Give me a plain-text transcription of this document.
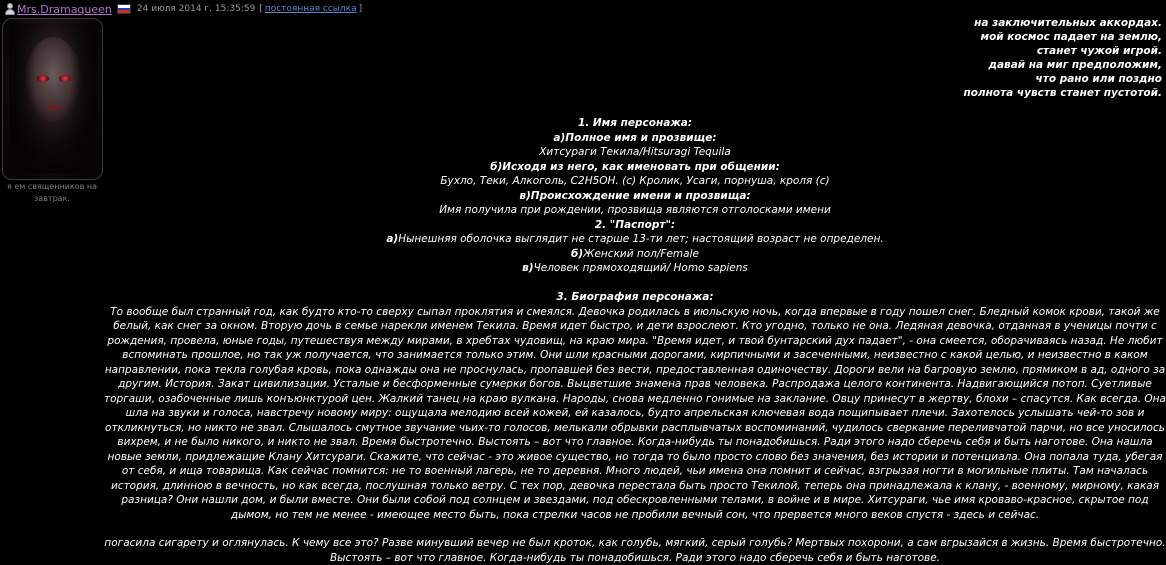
Mrs.Dramaqueen	24 июля 2014 г. 15:35:59 [ постоянная ссылка ]
я ем священников на завтрак.
на заключительных аккордах.
мой космос падает на землю,
станет чужой игрой.
давай на миг предположим,
что рано или поздно
полнота чувств станет пустотой.

1. Имя персонажа:

а)Полное имя и прозвище:

Хитсураги Текила/Hitsuragi Tequila

б)Исходя из него, как именовать при общении:

Бухло, Теки, Алкоголь, C2H5OH. (с) Кролик, Усаги, порнуша, кроля (с)

в)Происхождение имени и прозвища:

Имя получила при рождении, прозвища являются отголосками имени

2. "Паспорт":

а)Нынешняя оболочка выглядит не старше 13-ти лет; настоящий возраст не определен.

б)Женский пол/Female

в)Человек прямоходящий/ Homo sapiens

3. Биография персонажа:

То вообще был странный год, как будто кто-то сверху сыпал проклятия и смеялся. Девочка родилась в июльскую ночь, когда впервые в году пошел снег. Бледный комок крови, такой же белый, как снег за окном. Вторую дочь в семье нарекли именем Текила. Время идет быстро, и дети взрослеют. Кто угодно, только не она. Ледяная девочка, отданная в ученицы почти с рождения, провела, юные годы, путешествуя между мирами, в хребтах чудовищ, на краю мира. "Время идет, и твой бунтарский дух падает", - она смеется, оборачиваясь назад. Не любит вспоминать прошлое, но так уж получается, что занимается только этим. Они шли красными дорогами, кирпичными и засеченными, неизвестно с какой целью, и неизвестно в каком направлении, пока текла голубая кровь, пока однажды она не проснулась, пропавшей без вести, предоставленная одиночеству. Дороги вели на багровую землю, прямиком в ад, одного за другим. История. Закат цивилизации. Усталые и бесформенные сумерки богов. Выцветшие знамена прав человека. Распродажа целого континента. Надвигающийся потоп. Суетливые торгаши, озабоченные лишь конъюнктурой цен. Жалкий танец на краю вулкана. Народы, снова медленно гонимые на заклание. Овцу принесут в жертву, блохи – спасутся. Как всегда. Она шла на звуки и голоса, навстречу новому миру: ощущала мелодию всей кожей, ей казалось, будто апрельская ключевая вода пощипывает плечи. Захотелось услышать чей-то зов и откликнуться, но никто не звал. Слышалось смутное звучание чьих-то голосов, мелькали обрывки расплывчатых воспоминаний, чудилось сверкание переливчатой парчи, но все уносилось вихрем, и не было никого, и никто не звал. Время быстротечно. Выстоять – вот что главное. Когда-нибудь ты понадобишься. Ради этого надо сберечь себя и быть наготове. Она нашла новые земли, придлежащие Клану Хитсураги. Скажите, что сейчас - это живое существо, но тогда то было просто слово без значения, без истории и потенциала. Она попала туда, убегая от себя, и ища товарища. Как сейчас помнится: не то военный лагерь, не то деревня. Много людей, чьи имена она помнит и сейчас, взгрызая ногти в могильные плиты. Там началась история, длинною в вечность, но как всегда, послушная только ветру. С тех пор, девочка перестала быть просто Текилой, теперь она принадлежала к клану, - военному, мирному, какая разница? Они нашли дом, и были вместе. Они были собой под солнцем и звездами, под обескровленными телами, в войне и в мире. Хитсураги, чье имя кроваво-красное, скрытое под дымом, но тем не менее - имеющее место быть, пока стрелки часов не пробили вечный сон, что прервется много веков спустя - здесь и сейчас.

погасила сигарету и оглянулась. К чему все это? Разве минувший вечер не был кроток, как голубь, мягкий, серый голубь? Мертвых похорони, а сам вгрызайся в жизнь. Время быстротечно. Выстоять – вот что главное. Когда-нибудь ты понадобишься. Ради этого надо сберечь себя и быть наготове.
